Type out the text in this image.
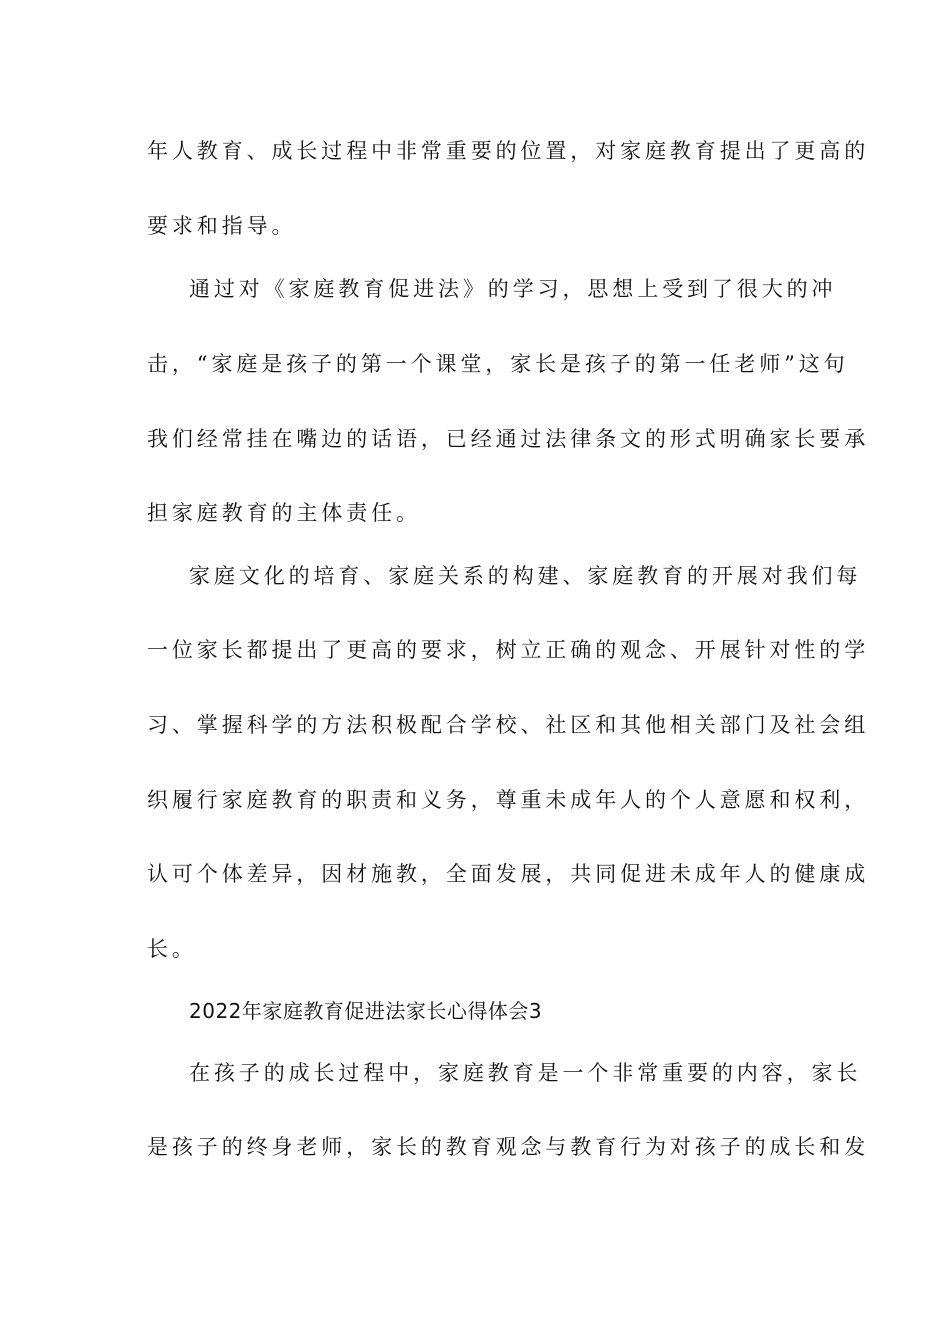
年人教育、成长过程中非常重要的位置，对家庭教育提出了更高的
要求和指导。
通过对《家庭教育促进法》的学习，思想上受到了很大的冲
击，“家庭是孩子的第一个课堂，家长是孩子的第一任老师”这句
我们经常挂在嘴边的话语，已经通过法律条文的形式明确家长要承
担家庭教育的主体责任。
家庭文化的培育、家庭关系的构建、家庭教育的开展对我们每
一位家长都提出了更高的要求，树立正确的观念、开展针对性的学
习、掌握科学的方法积极配合学校、社区和其他相关部门及社会组
织履行家庭教育的职责和义务，尊重未成年人的个人意愿和权利，
认可个体差异，因材施教，全面发展，共同促进未成年人的健康成
长。
2022年家庭教育促进法家长心得体会3
在孩子的成长过程中，家庭教育是一个非常重要的内容，家长
是孩子的终身老师，家长的教育观念与教育行为对孩子的成长和发
